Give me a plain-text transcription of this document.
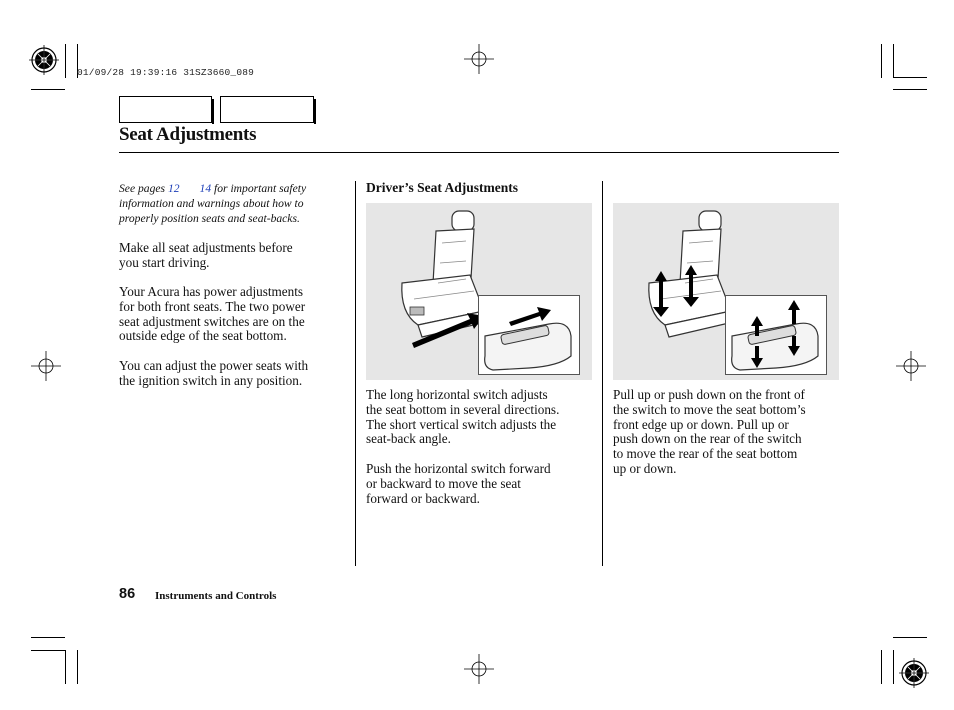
01/09/28 19:39:16 31SZ3660_089
Seat Adjustments
See pages 12 14 for important safety
information and warnings about how to
properly position seats and seat-backs.
Make all seat adjustments before
you start driving.
Your Acura has power adjustments
for both front seats. The two power
seat adjustment switches are on the
outside edge of the seat bottom.
You can adjust the power seats with
the ignition switch in any position.
Driver’s Seat Adjustments
The long horizontal switch adjusts
the seat bottom in several directions.
The short vertical switch adjusts the
seat-back angle.
Push the horizontal switch forward
or backward to move the seat
forward or backward.
Pull up or push down on the front of
the switch to move the seat bottom’s
front edge up or down. Pull up or
push down on the rear of the switch
to move the rear of the seat bottom
up or down.
86 Instruments and Controls
